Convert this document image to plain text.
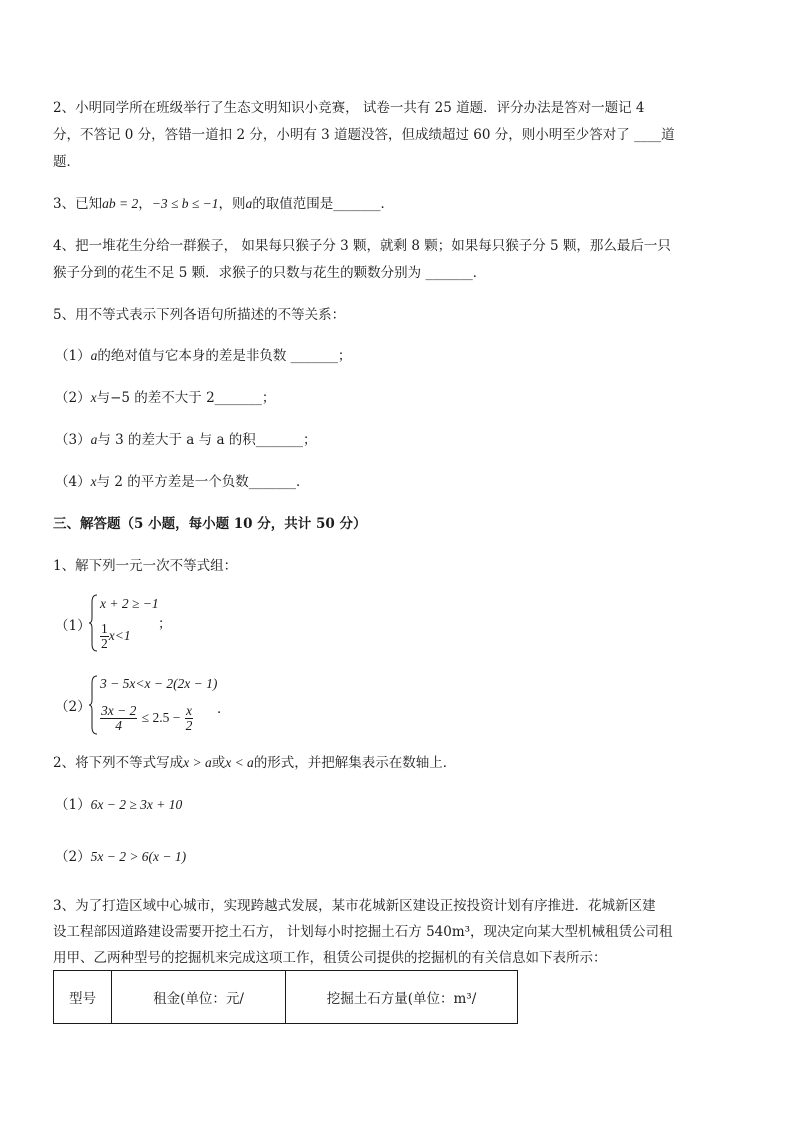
2、小明同学所在班级举行了生态文明知识小竞赛， 试卷一共有 25 道题．评分办法是答对一题记 4
分，不答记 0 分，答错一道扣 2 分，小明有 3 道题没答，但成绩超过 60 分，则小明至少答对了 ____道
题．
3、已知ab = 2，−3 ≤ b ≤ −1，则a的取值范围是_______．
4、把一堆花生分给一群猴子， 如果每只猴子分 3 颗，就剩 8 颗；如果每只猴子分 5 颗，那么最后一只
猴子分到的花生不足 5 颗．求猴子的只数与花生的颗数分别为 _______．
5、用不等式表示下列各语句所描述的不等关系：
（1）a的绝对值与它本身的差是非负数 _______；
（2）x与−5 的差不大于 2_______；
（3）a与 3 的差大于 a 与 a 的积_______；
（4）x与 2 的平方差是一个负数_______．
三、解答题（5 小题，每小题 10 分，共计 50 分）
1、解下列一元一次不等式组：
（1）
x + 2 ≥ −1
$\frac{1}{2} x<1$
；
（2）
3 − 5x<x − 2(2x − 1)
$\frac{3x - 2}{4} \le 2.5 - \frac{x}{2}$ ．
2、将下列不等式写成x > a或x < a的形式，并把解集表示在数轴上．
（1）6x − 2 ≥ 3x + 10
（2）5x − 2 > 6(x − 1)
3、为了打造区域中心城市，实现跨越式发展，某市花城新区建设正按投资计划有序推进．花城新区建
设工程部因道路建设需要开挖土石方， 计划每小时挖掘土石方 540m³，现决定向某大型机械租赁公司租
用甲、乙两种型号的挖掘机来完成这项工作，租赁公司提供的挖掘机的有关信息如下表所示：
型号	租金(单位：元/	挖掘土石方量(单位：m³/
